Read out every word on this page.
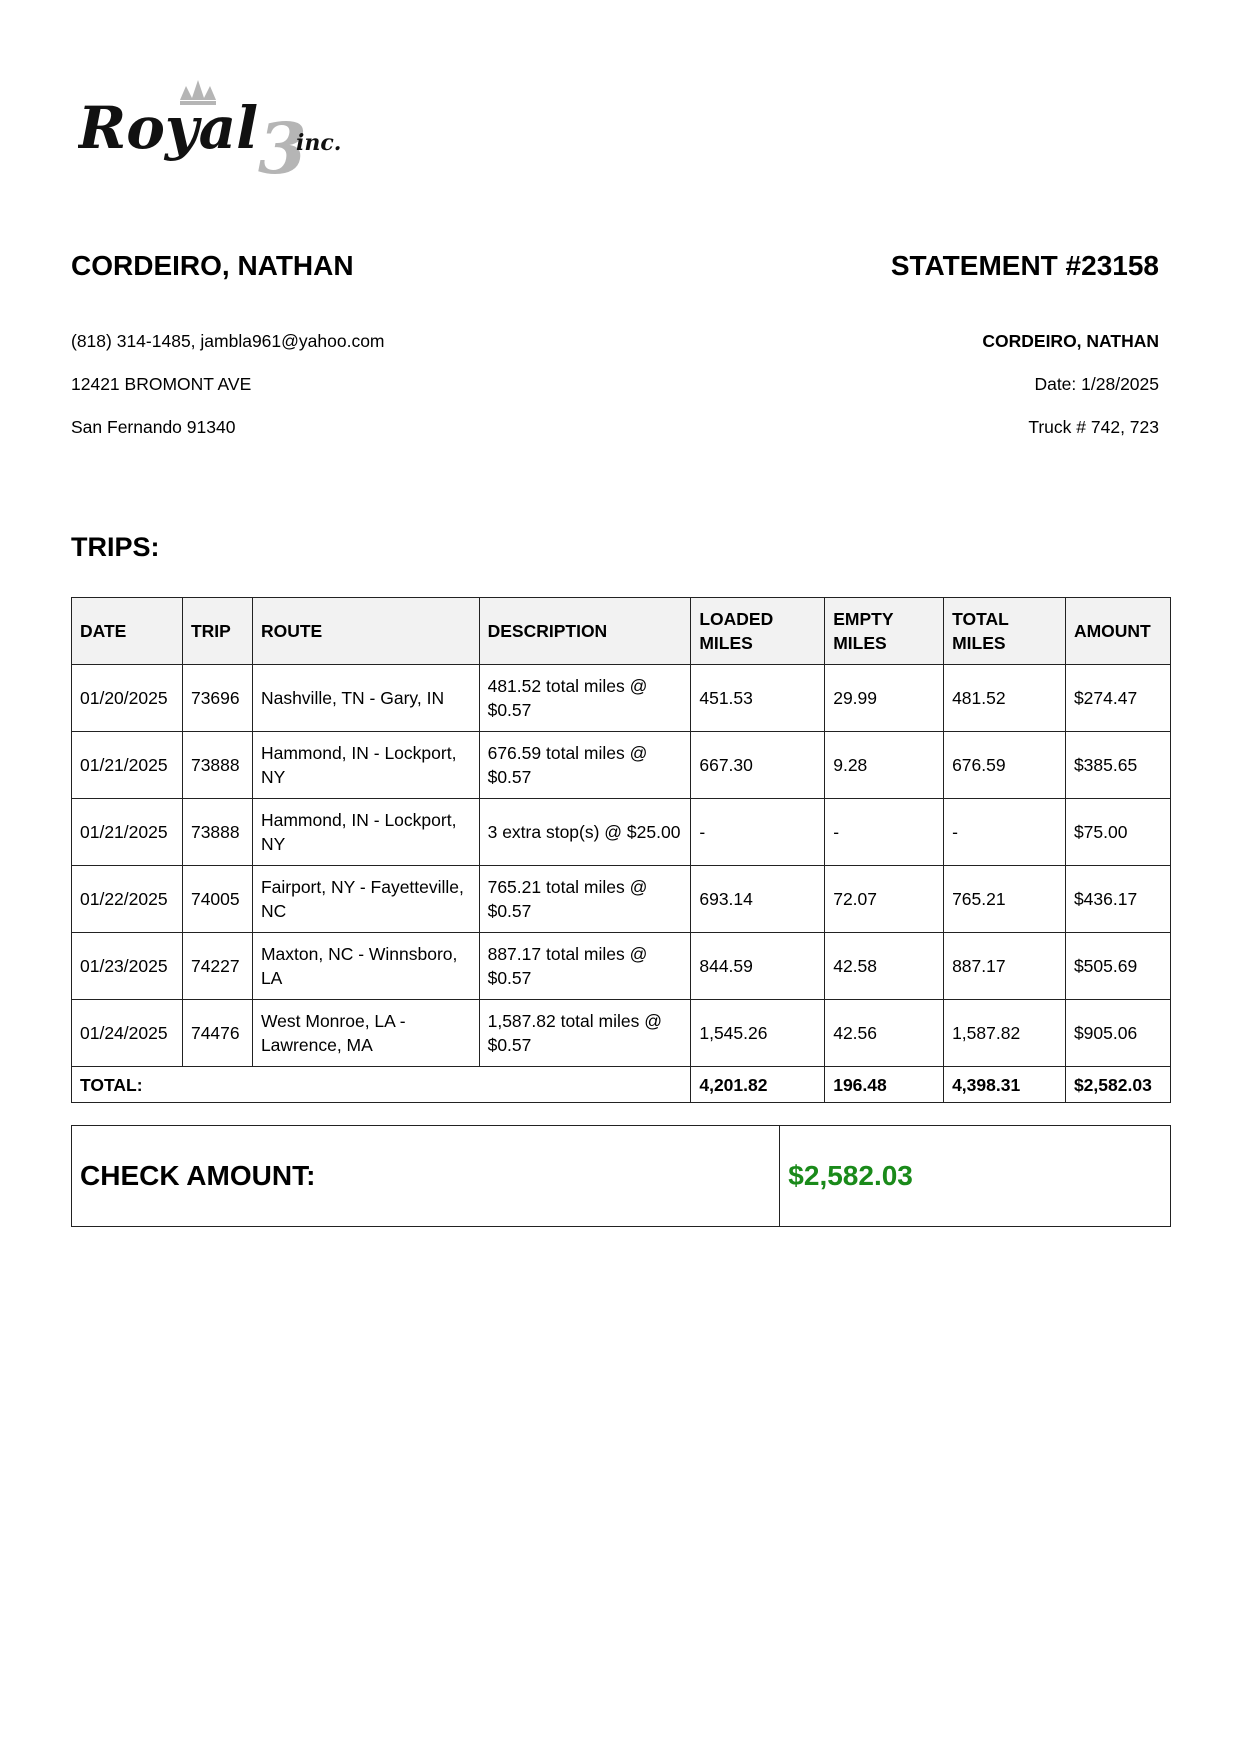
Royal 3
inc.
CORDEIRO, NATHAN
(818) 314-1485, jambla961@yahoo.com
12421 BROMONT AVE
San Fernando 91340
STATEMENT #23158
CORDEIRO, NATHAN
Date: 1/28/2025
Truck # 742, 723
TRIPS:
DATE	TRIP	ROUTE	DESCRIPTION	LOADED MILES	EMPTY MILES	TOTAL MILES	AMOUNT
01/20/2025	73696	Nashville, TN - Gary, IN	481.52 total miles @ $0.57	451.53	29.99	481.52	$274.47
01/21/2025	73888	Hammond, IN - Lockport, NY	676.59 total miles @ $0.57	667.30	9.28	676.59	$385.65
01/21/2025	73888	Hammond, IN - Lockport, NY	3 extra stop(s) @ $25.00	-	-	-	$75.00
01/22/2025	74005	Fairport, NY - Fayetteville, NC	765.21 total miles @ $0.57	693.14	72.07	765.21	$436.17
01/23/2025	74227	Maxton, NC - Winnsboro, LA	887.17 total miles @ $0.57	844.59	42.58	887.17	$505.69
01/24/2025	74476	West Monroe, LA - Lawrence, MA	1,587.82 total miles @ $0.57	1,545.26	42.56	1,587.82	$905.06
TOTAL:				4,201.82	196.48	4,398.31	$2,582.03
CHECK AMOUNT:	$2,582.03
